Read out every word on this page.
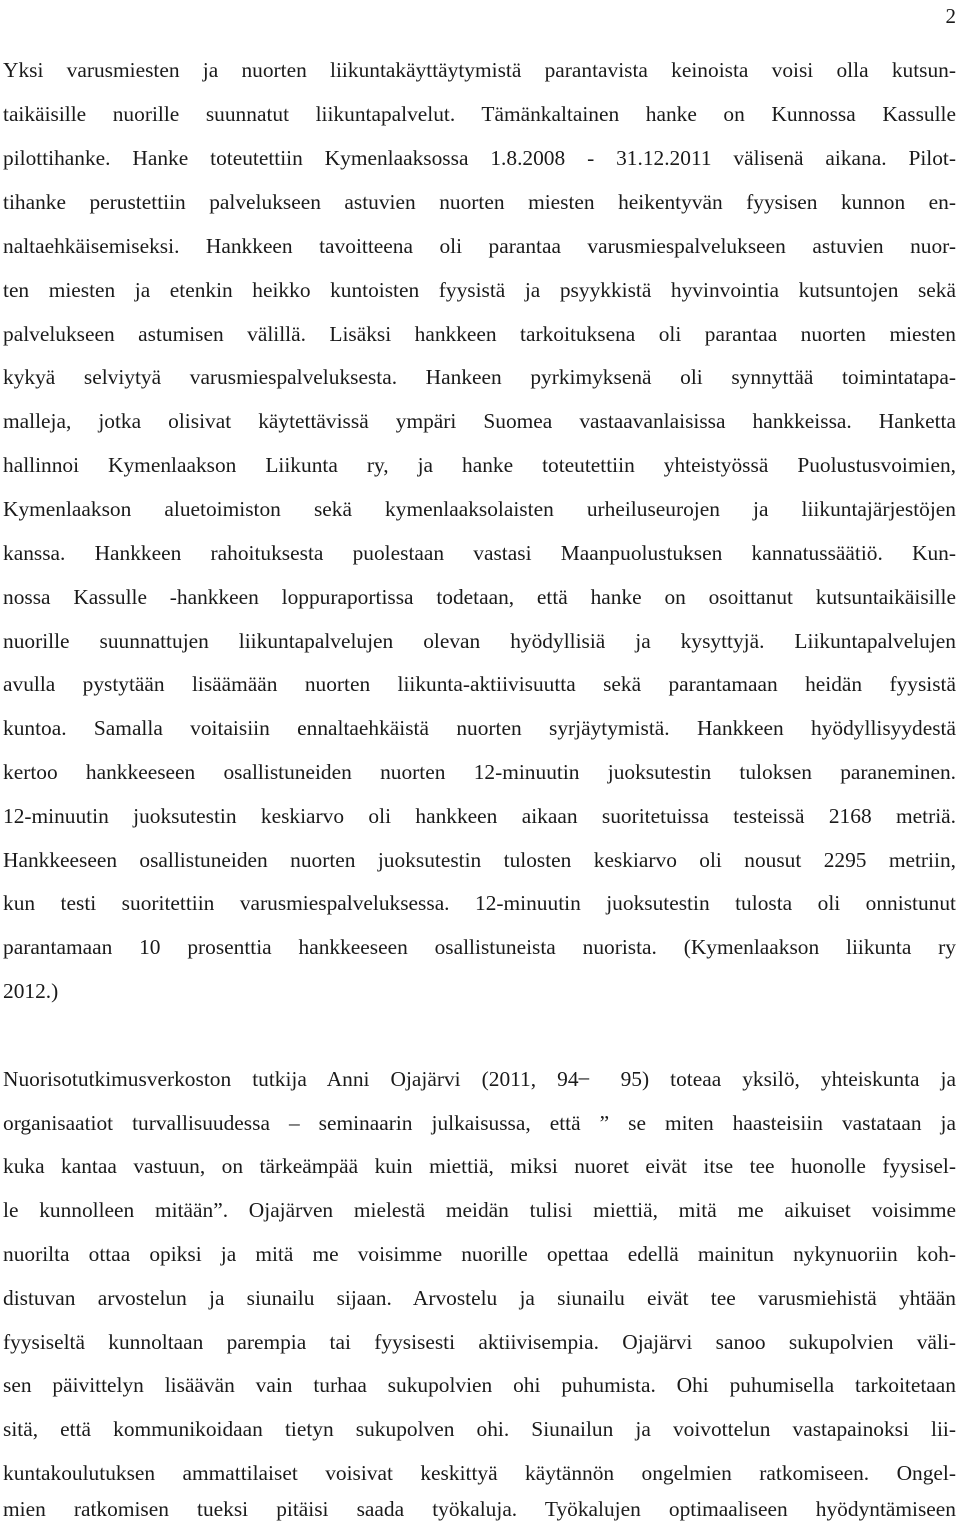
2
Yksi varusmiesten ja nuorten liikuntakäyttäytymistä parantavista keinoista voisi olla kutsun-
taikäisille nuorille suunnatut liikuntapalvelut. Tämänkaltainen hanke on Kunnossa Kassulle
pilottihanke. Hanke toteutettiin Kymenlaaksossa 1.8.2008 - 31.12.2011 välisenä aikana. Pilot-
tihanke perustettiin palvelukseen astuvien nuorten miesten heikentyvän fyysisen kunnon en-
naltaehkäisemiseksi. Hankkeen tavoitteena oli parantaa varusmiespalvelukseen astuvien nuor-
ten miesten ja etenkin heikko kuntoisten fyysistä ja psyykkistä hyvinvointia kutsuntojen sekä
palvelukseen astumisen välillä. Lisäksi hankkeen tarkoituksena oli parantaa nuorten miesten
kykyä selviytyä varusmiespalveluksesta. Hankeen pyrkimyksenä oli synnyttää toimintatapa-
malleja, jotka olisivat käytettävissä ympäri Suomea vastaavanlaisissa hankkeissa. Hanketta
hallinnoi Kymenlaakson Liikunta ry, ja hanke toteutettiin yhteistyössä Puolustusvoimien,
Kymenlaakson aluetoimiston sekä kymenlaaksolaisten urheiluseurojen ja liikuntajärjestöjen
kanssa. Hankkeen rahoituksesta puolestaan vastasi Maanpuolustuksen kannatussäätiö. Kun-
nossa Kassulle -hankkeen loppuraportissa todetaan, että hanke on osoittanut kutsuntaikäisille
nuorille suunnattujen liikuntapalvelujen olevan hyödyllisiä ja kysyttyjä. Liikuntapalvelujen
avulla pystytään lisäämään nuorten liikunta-aktiivisuutta sekä parantamaan heidän fyysistä
kuntoa. Samalla voitaisiin ennaltaehkäistä nuorten syrjäytymistä. Hankkeen hyödyllisyydestä
kertoo hankkeeseen osallistuneiden nuorten 12-minuutin juoksutestin tuloksen paraneminen.
12-minuutin juoksutestin keskiarvo oli hankkeen aikaan suoritetuissa testeissä 2168 metriä.
Hankkeeseen osallistuneiden nuorten juoksutestin tulosten keskiarvo oli nousut 2295 metriin,
kun testi suoritettiin varusmiespalveluksessa. 12-minuutin juoksutestin tulosta oli onnistunut
parantamaan 10 prosenttia hankkeeseen osallistuneista nuorista. (Kymenlaakson liikunta ry
2012.)
Nuorisotutkimusverkoston tutkija Anni Ojajärvi (2011, 94 ̶ 95) toteaa yksilö, yhteiskunta ja
organisaatiot turvallisuudessa – seminaarin julkaisussa, että ” se miten haasteisiin vastataan ja
kuka kantaa vastuun, on tärkeämpää kuin miettiä, miksi nuoret eivät itse tee huonolle fyysisel-
le kunnolleen mitään”. Ojajärven mielestä meidän tulisi miettiä, mitä me aikuiset voisimme
nuorilta ottaa opiksi ja mitä me voisimme nuorille opettaa edellä mainitun nykynuoriin koh-
distuvan arvostelun ja siunailu sijaan. Arvostelu ja siunailu eivät tee varusmiehistä yhtään
fyysiseltä kunnoltaan parempia tai fyysisesti aktiivisempia. Ojajärvi sanoo sukupolvien väli-
sen päivittelyn lisäävän vain turhaa sukupolvien ohi puhumista. Ohi puhumisella tarkoitetaan
sitä, että kommunikoidaan tietyn sukupolven ohi. Siunailun ja voivottelun vastapainoksi lii-
kuntakoulutuksen ammattilaiset voisivat keskittyä käytännön ongelmien ratkomiseen. Ongel-
mien ratkomisen tueksi pitäisi saada työkaluja. Työkalujen optimaaliseen hyödyntämiseen
